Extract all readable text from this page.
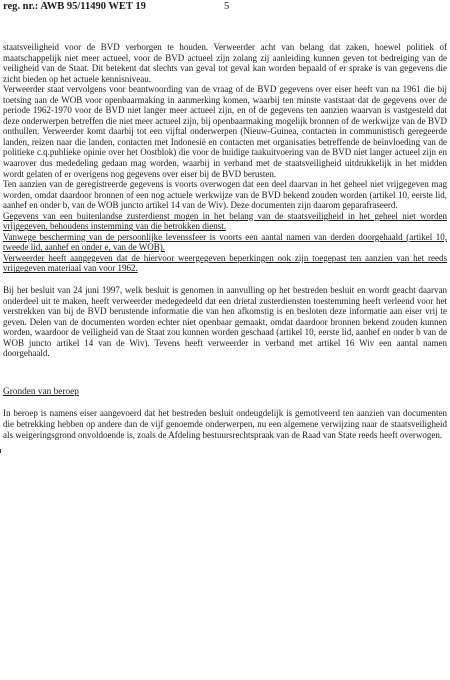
reg. nr.: AWB 95/11490 WET 19	5

staatsveiligheid voor de BVD verborgen te houden. Verweerder acht van belang dat zaken, hoewel politiek of maatschappelijk niet meer actueel, voor de BVD actueel zijn zolang zij aanleiding kunnen geven tot bedreiging van de veiligheid van de Staat. Dit betekent dat slechts van geval tot geval kan worden bepaald of er sprake is van gegevens die zicht bieden op het actuele kennisniveau.

Verweerder staat vervolgens voor beantwoording van de vraag of de BVD gegevens over eiser heeft van na 1961 die bij toetsing aan de WOB voor openbaarmaking in aanmerking komen, waarbij ten minste vaststaat dat de gegevens over de periode 1962-1970 voor de BVD niet langer meer actueel zijn, en of de gegevens ten aanzien waarvan is vastgesteld dat deze onderwerpen betreffen die niet meer actueel zijn, bij openbaarmaking mogelijk bronnen of de werkwijze van de BVD onthullen. Verweerder komt daarbij tot een vijftal onderwerpen (Nieuw-Guinea, contacten in communistisch geregeerde landen, reizen naar die landen, contacten met Indonesië en contacten met organisaties betreffende de beïnvloeding van de politieke c.q.publieke opinie over het Oostblok) die voor de huidige taakuitvoering van de BVD niet langer actueel zijn en waarover dus mededeling gedaan mag worden, waarbij in verband met de staatsveiligheid uitdrukkelijk in het midden wordt gelaten of er overigens nog gegevens over eiser bij de BVD berusten.

Ten aanzien van de geregistreerde gegevens is voorts overwogen dat een deel daarvan in het geheel niet vrijgegeven mag worden, omdat daardoor bronnen of een nog actuele werkwijze van de BVD bekend zouden worden (artikel 10, eerste lid, aanhef en onder b, van de WOB juncto artikel 14 van de Wiv). Deze documenten zijn daarom geparafraseerd.

Gegevens van een buitenlandse zusterdienst mogen in het belang van de staatsveiligheid in het geheel niet worden vrijgegeven, behoudens instemming van die betrokken dienst.

Vanwege bescherming van de persoonlijke levenssfeer is voorts een aantal namen van derden doorgehaald (artikel 10, tweede lid, aanhef en onder e, van de WOB).

Verweerder heeft aangegeven dat de hiervoor weergegeven beperkingen ook zijn toegepast ten aanzien van het reeds vrijgegeven materiaal van voor 1962.

Bij het besluit van 24 juni 1997, welk besluit is genomen in aanvulling op het bestreden besluit en wordt geacht daarvan onderdeel uit te maken, heeft verweerder medegedeeld dat een drietal zusterdiensten toestemming heeft verleend voor het verstrekken van bij de BVD berustende informatie die van hen afkomstig is en besloten deze informatie aan eiser vrij te geven. Delen van de documenten worden echter niet openbaar gemaakt, omdat daardoor bronnen bekend zouden kunnen worden, waardoor de veiligheid van de Staat zou kunnen worden geschaad (artikel 10, eerste lid, aanhef en onder b van de WOB juncto artikel 14 van de Wiv). Tevens heeft verweerder in verband met artikel 16 Wiv een aantal namen doorgehaald.

Gronden van beroep

In beroep is namens eiser aangevoerd dat het bestreden besluit ondeugdelijk is gemotiveerd ten aanzien van documenten die betrekking hebben op andere dan de vijf genoemde onderwerpen, nu een algemene verwijzing naar de staatsveiligheid als weigeringsgrond onvoldoende is, zoals de Afdeling bestuursrechtspraak van de Raad van State reeds heeft overwogen.
